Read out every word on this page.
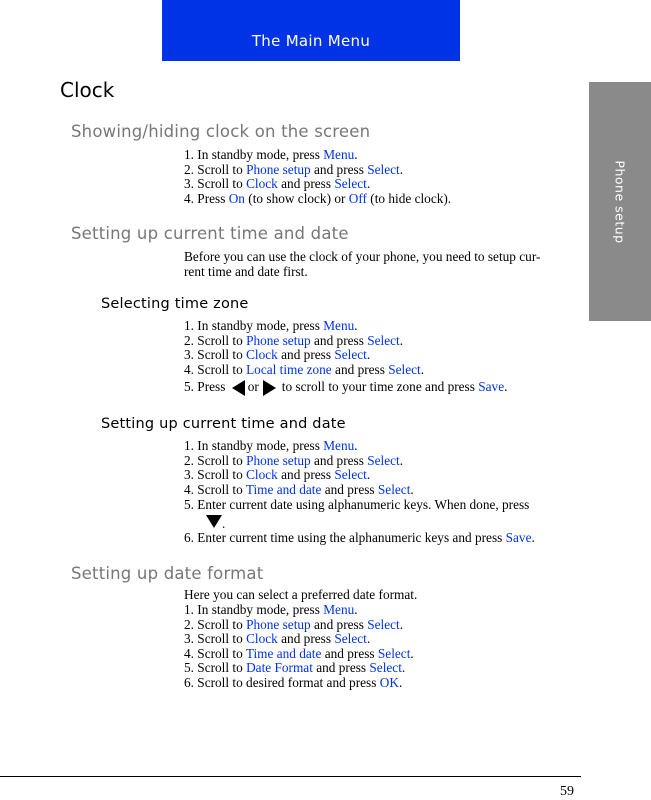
The Main Menu
Phone setup
Clock
Showing/hiding clock on the screen
1. In standby mode, press Menu.
2. Scroll to Phone setup and press Select.
3. Scroll to Clock and press Select.
4. Press On (to show clock) or Off (to hide clock).
Setting up current time and date
Before you can use the clock of your phone, you need to setup cur-
rent time and date first.
Selecting time zone
1. In standby mode, press Menu.
2. Scroll to Phone setup and press Select.
3. Scroll to Clock and press Select.
4. Scroll to Local time zone and press Select.
5. Press or to scroll to your time zone and press Save.
Setting up current time and date
1. In standby mode, press Menu.
2. Scroll to Phone setup and press Select.
3. Scroll to Clock and press Select.
4. Scroll to Time and date and press Select.
5. Enter current date using alphanumeric keys. When done, press
.
6. Enter current time using the alphanumeric keys and press Save.
Setting up date format
Here you can select a preferred date format.
1. In standby mode, press Menu.
2. Scroll to Phone setup and press Select.
3. Scroll to Clock and press Select.
4. Scroll to Time and date and press Select.
5. Scroll to Date Format and press Select.
6. Scroll to desired format and press OK.
59
